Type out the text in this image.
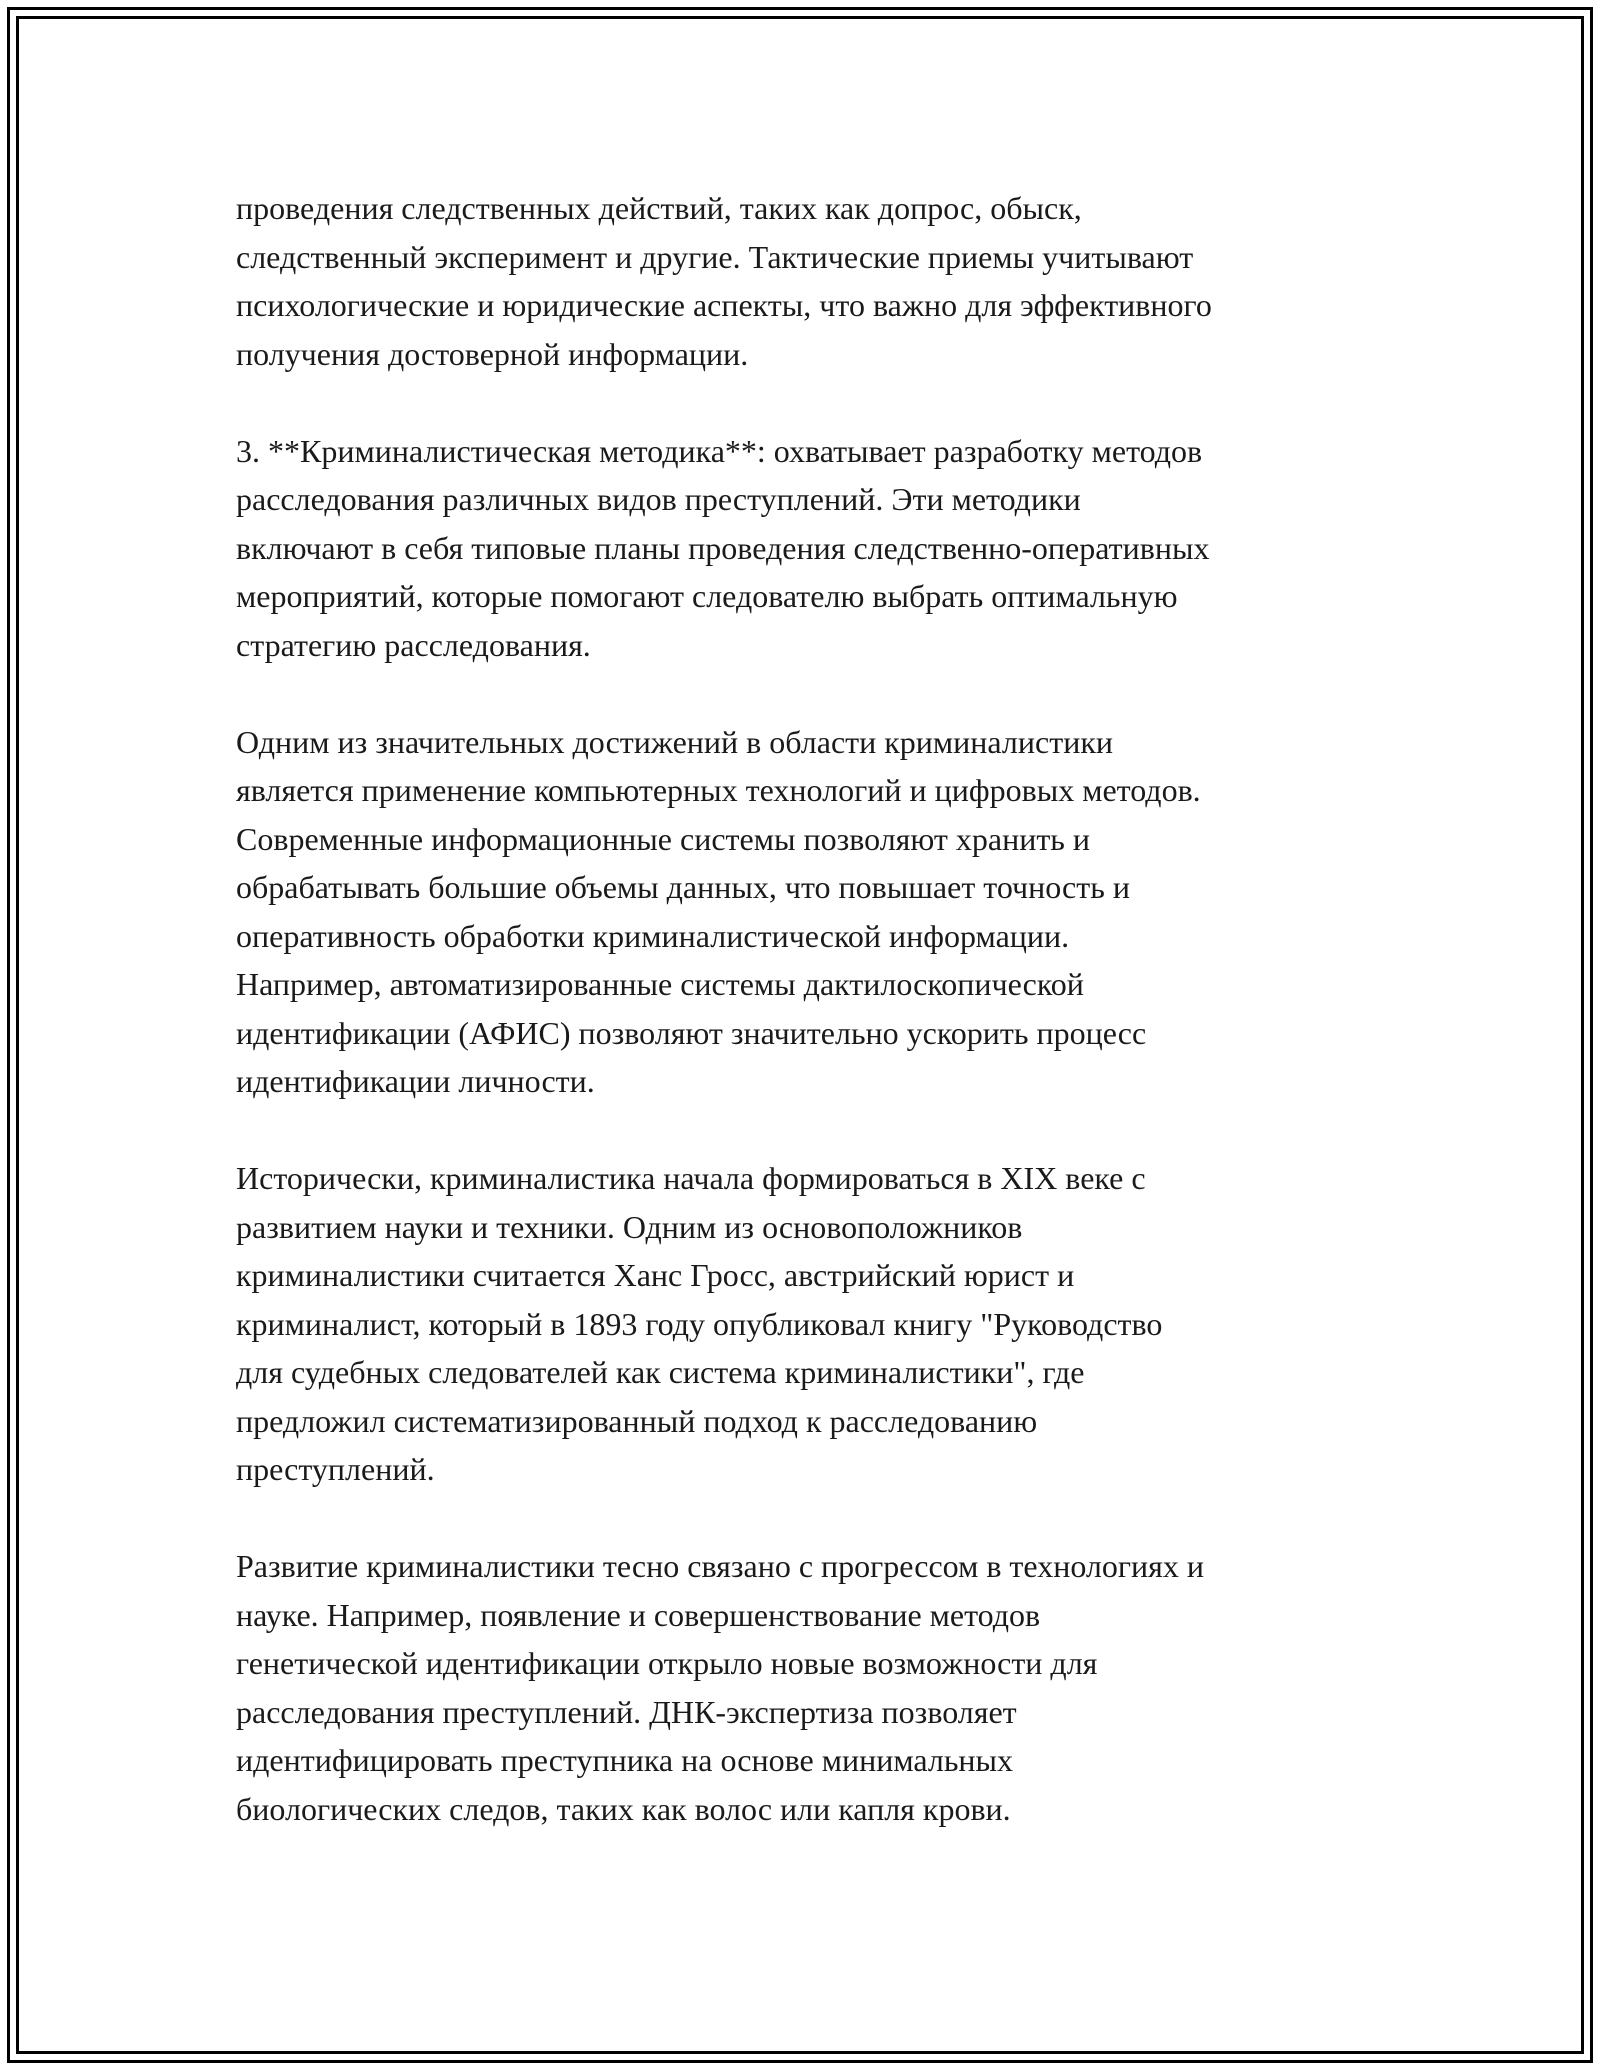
проведения следственных действий, таких как допрос, обыск,
следственный эксперимент и другие. Тактические приемы учитывают
психологические и юридические аспекты, что важно для эффективного
получения достоверной информации.

3. **Криминалистическая методика**: охватывает разработку методов
расследования различных видов преступлений. Эти методики
включают в себя типовые планы проведения следственно-оперативных
мероприятий, которые помогают следователю выбрать оптимальную
стратегию расследования.

Одним из значительных достижений в области криминалистики
является применение компьютерных технологий и цифровых методов.
Современные информационные системы позволяют хранить и
обрабатывать большие объемы данных, что повышает точность и
оперативность обработки криминалистической информации.
Например, автоматизированные системы дактилоскопической
идентификации (АФИС) позволяют значительно ускорить процесс
идентификации личности.

Исторически, криминалистика начала формироваться в XIX веке с
развитием науки и техники. Одним из основоположников
криминалистики считается Ханс Гросс, австрийский юрист и
криминалист, который в 1893 году опубликовал книгу "Руководство
для судебных следователей как система криминалистики", где
предложил систематизированный подход к расследованию
преступлений.

Развитие криминалистики тесно связано с прогрессом в технологиях и
науке. Например, появление и совершенствование методов
генетической идентификации открыло новые возможности для
расследования преступлений. ДНК-экспертиза позволяет
идентифицировать преступника на основе минимальных
биологических следов, таких как волос или капля крови.
